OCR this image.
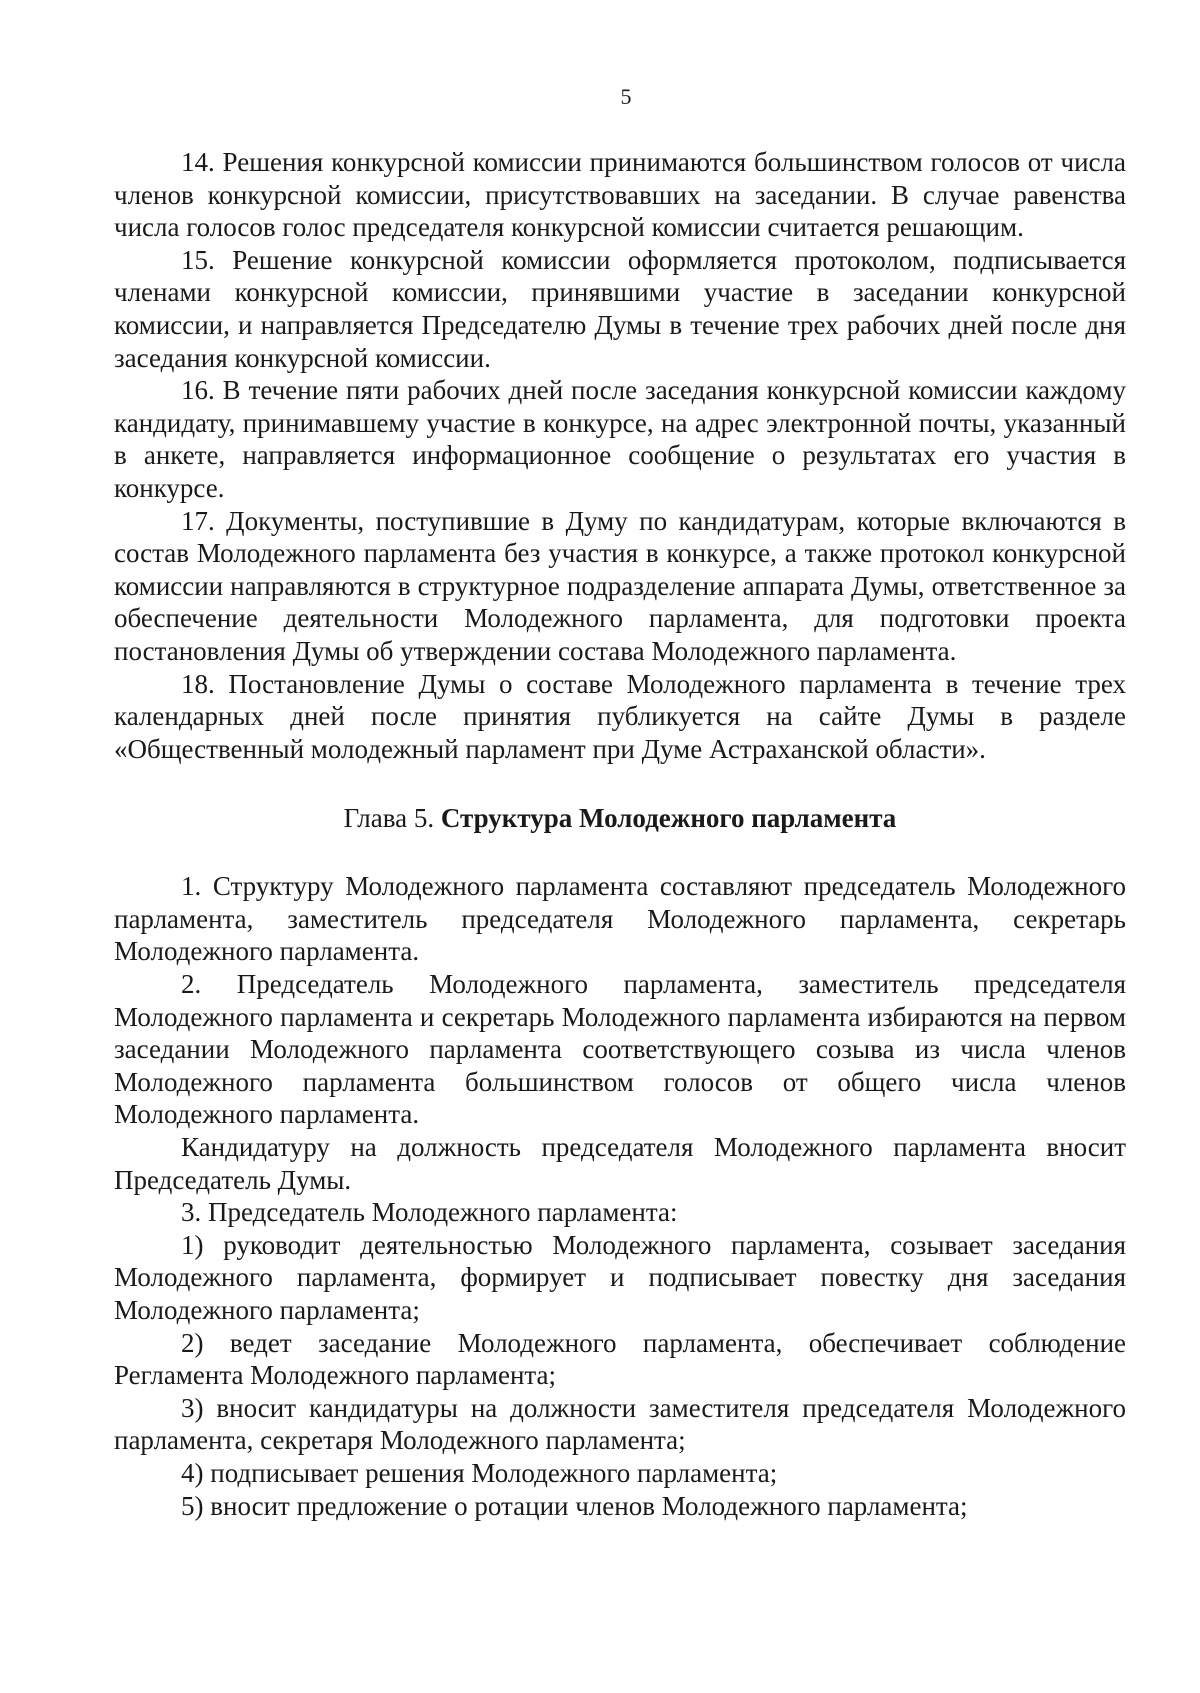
5

14. Решения конкурсной комиссии принимаются большинством голосов от числа членов конкурсной комиссии, присутствовавших на заседании. В случае равенства числа голосов голос председателя конкурсной комиссии считается решающим.

15. Решение конкурсной комиссии оформляется протоколом, подписывается членами конкурсной комиссии, принявшими участие в заседании конкурсной комиссии, и направляется Председателю Думы в течение трех рабочих дней после дня заседания конкурсной комиссии.

16. В течение пяти рабочих дней после заседания конкурсной комиссии каждому кандидату, принимавшему участие в конкурсе, на адрес электронной почты, указанный в анкете, направляется информационное сообщение о результатах его участия в конкурсе.

17. Документы, поступившие в Думу по кандидатурам, которые включаются в состав Молодежного парламента без участия в конкурсе, а также протокол конкурсной комиссии направляются в структурное подразделение аппарата Думы, ответственное за обеспечение деятельности Молодежного парламента, для подготовки проекта постановления Думы об утверждении состава Молодежного парламента.

18. Постановление Думы о составе Молодежного парламента в течение трех календарных дней после принятия публикуется на сайте Думы в разделе «Общественный молодежный парламент при Думе Астраханской области».

Глава 5. Структура Молодежного парламента

1. Структуру Молодежного парламента составляют председатель Молодежного парламента, заместитель председателя Молодежного парламента, секретарь Молодежного парламента.

2. Председатель Молодежного парламента, заместитель председателя Молодежного парламента и секретарь Молодежного парламента избираются на первом заседании Молодежного парламента соответствующего созыва из числа членов Молодежного парламента большинством голосов от общего числа членов Молодежного парламента.

Кандидатуру на должность председателя Молодежного парламента вносит Председатель Думы.

3. Председатель Молодежного парламента:

1) руководит деятельностью Молодежного парламента, созывает заседания Молодежного парламента, формирует и подписывает повестку дня заседания Молодежного парламента;

2) ведет заседание Молодежного парламента, обеспечивает соблюдение Регламента Молодежного парламента;

3) вносит кандидатуры на должности заместителя председателя Молодежного парламента, секретаря Молодежного парламента;

4) подписывает решения Молодежного парламента;

5) вносит предложение о ротации членов Молодежного парламента;
